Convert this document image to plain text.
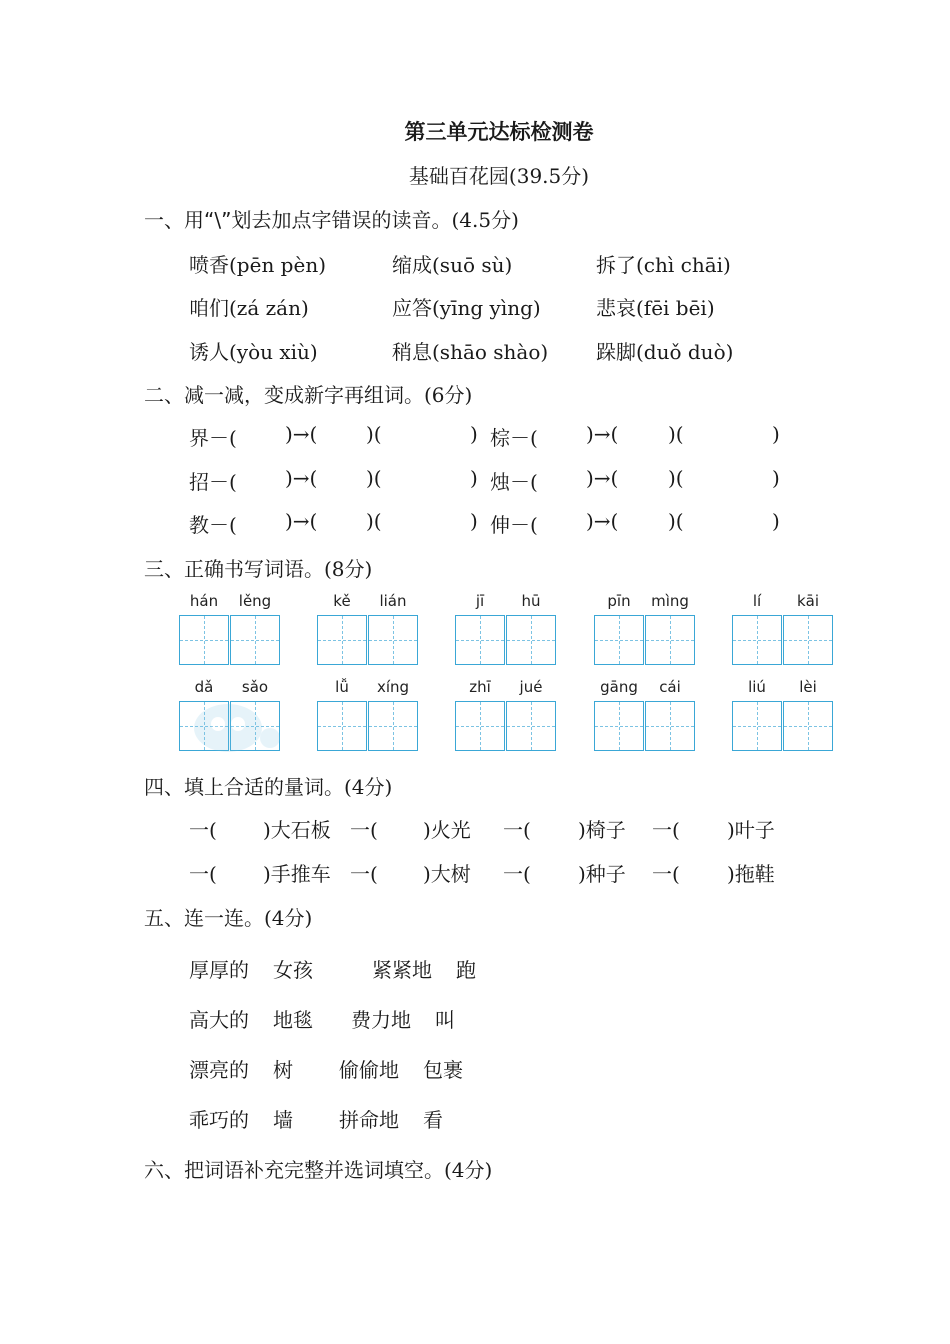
第三单元达标检测卷
基础百花园(39.5分)
一、用“\”划去加点字错误的读音。(4.5分)
喷香(pēn pèn)	缩成(suō sù)	拆了(chì chāi)
咱们(zá zán)	应答(yīng yìng)	悲哀(fēi bēi)
诱人(yòu xiù)	稍息(shāo shào) 跺脚(duǒ duò)
二、减一减，变成新字再组词。(6分)
界－( )→( )(	) 棕－( )→( )(	)
招－( )→( )(	) 烛－( )→( )(	)
教－( )→( )(	) 伸－( )→( )(	)
三、正确书写词语。(8分)
hán	lěng	kě	lián	jī	hū	pīn	mìng	lí	kāi
dǎ	sǎo	lǚ	xíng	zhī	jué	gāng	cái	liú	lèi
四、填上合适的量词。(4分)
一( )大石板 一( )火光 一( )椅子 一( )叶子
一( )手推车 一( )大树 一( )种子 一( )拖鞋
五、连一连。(4分)
厚厚的 女孩	紧紧地 跑
高大的 地毯 费力地 叫
漂亮的 树 偷偷地 包裹
乖巧的 墙 拼命地 看
六、把词语补充完整并选词填空。(4分)
